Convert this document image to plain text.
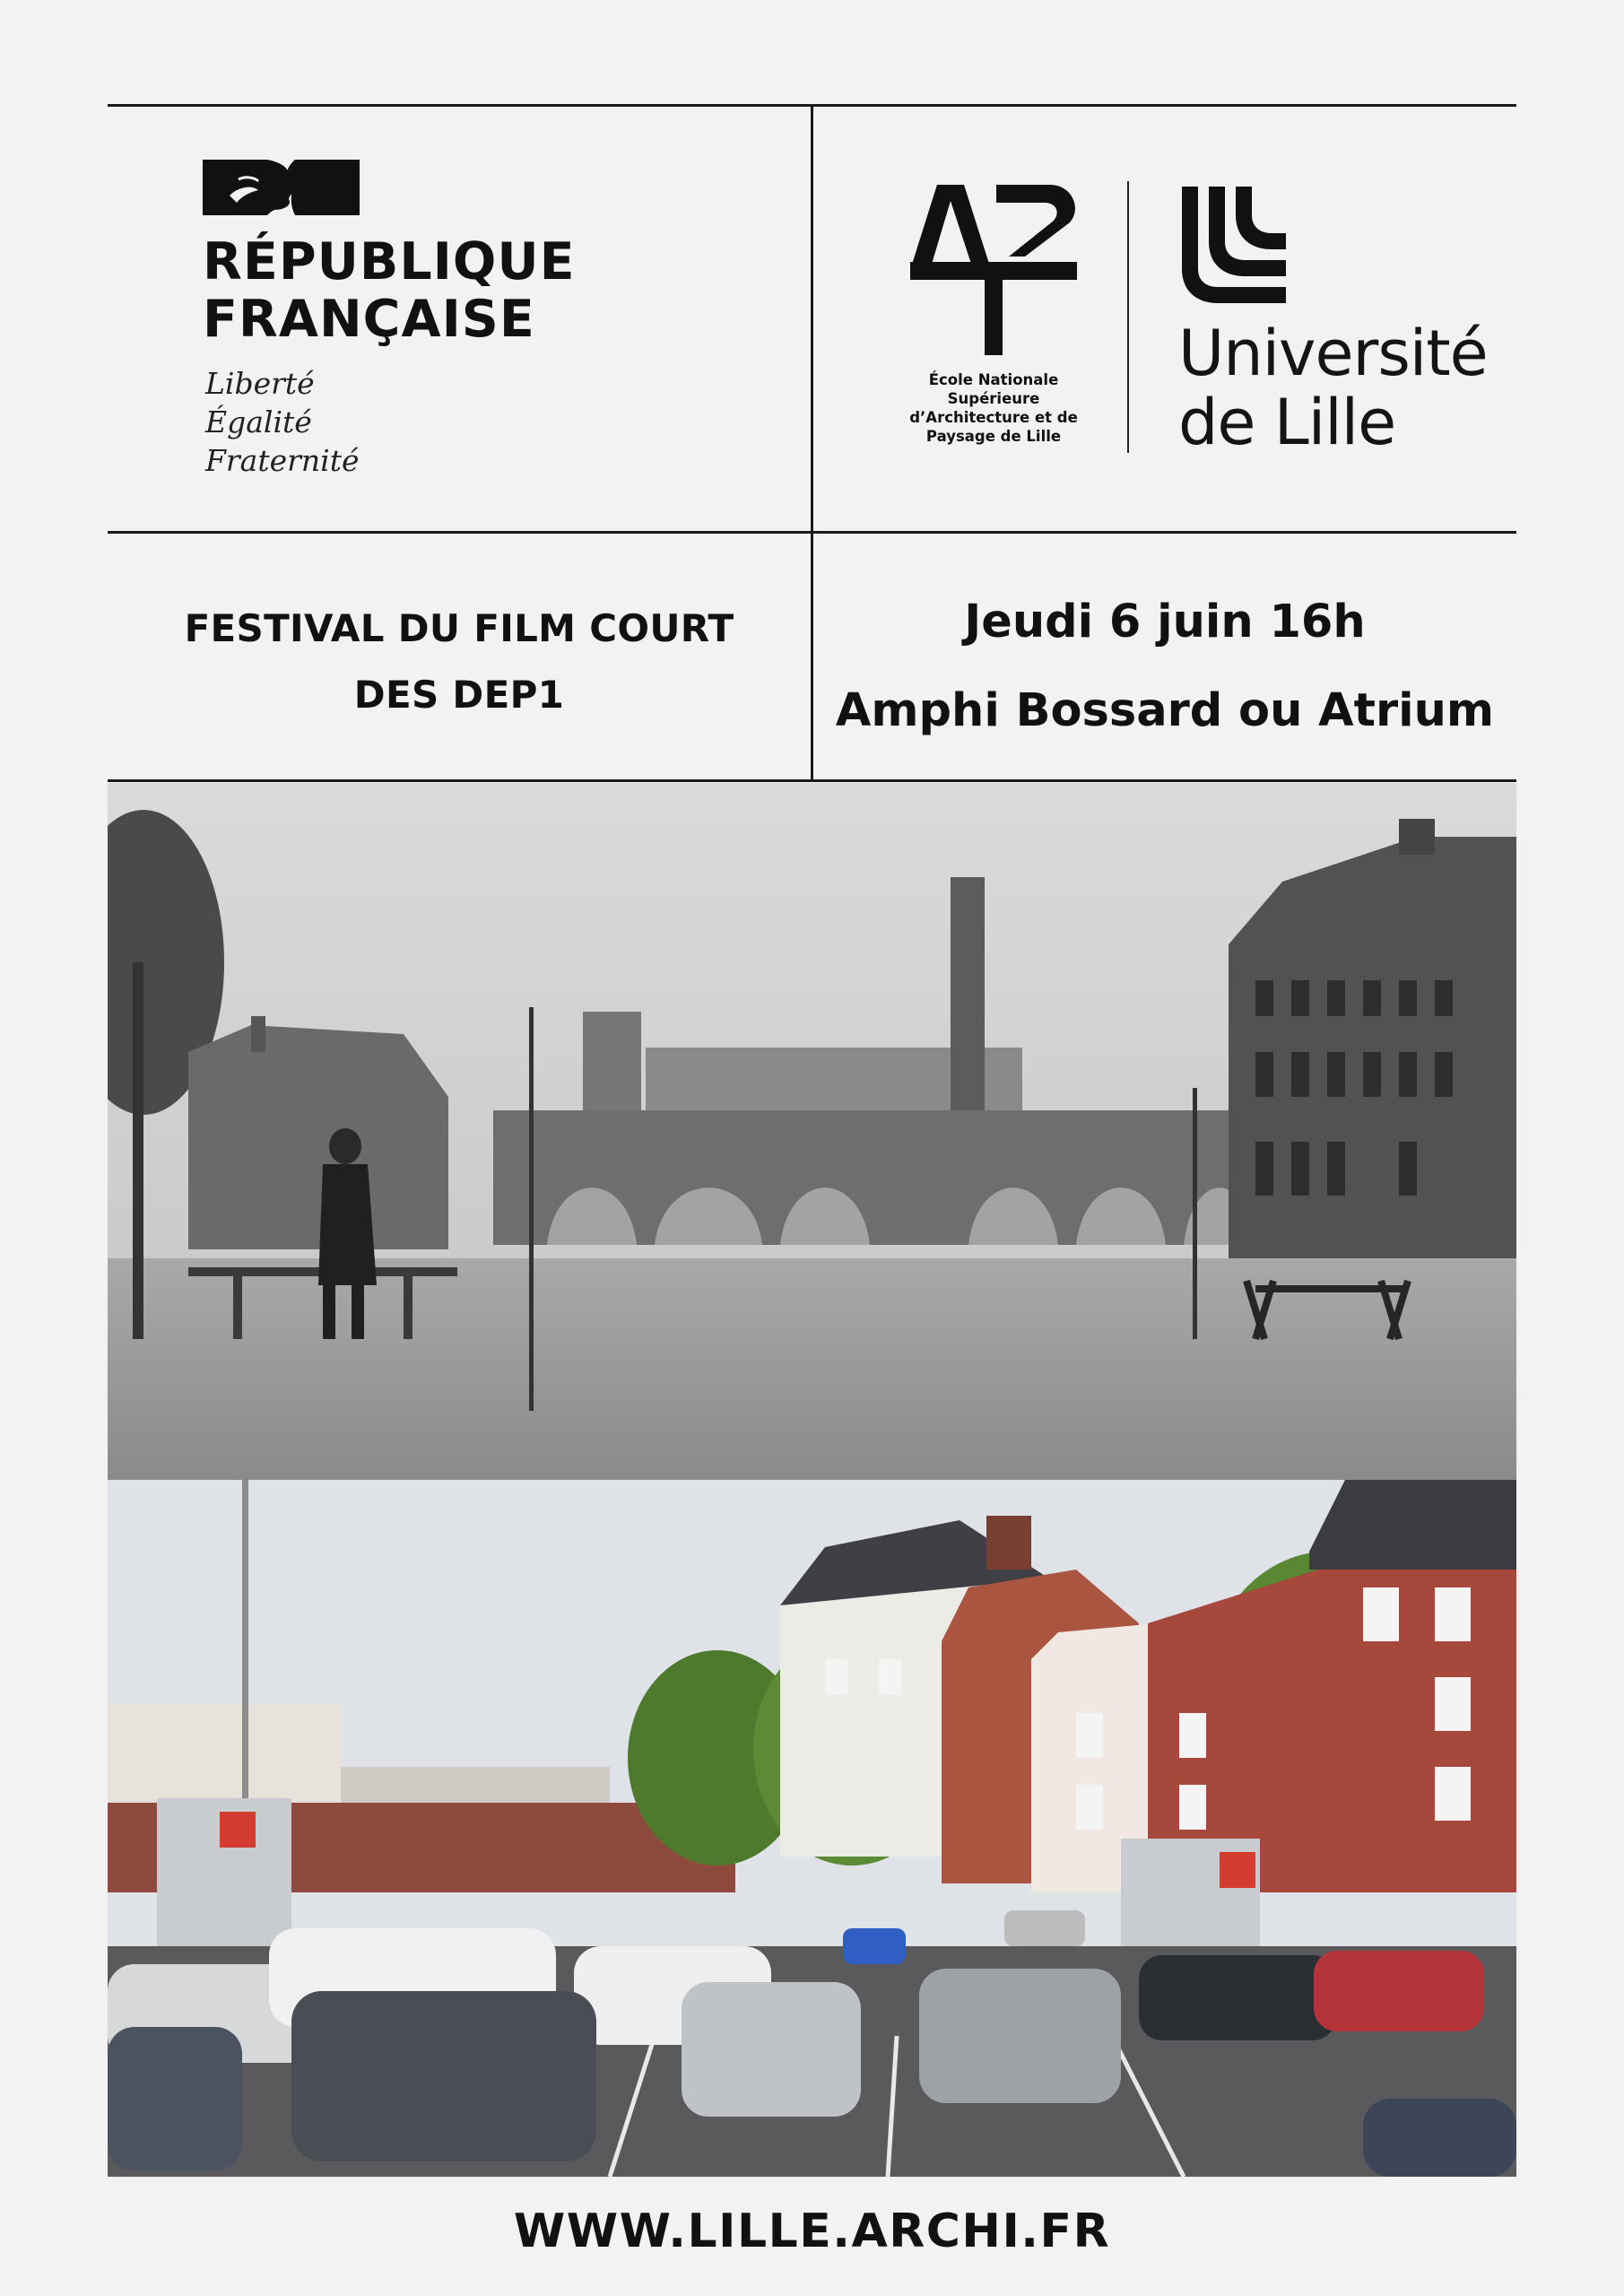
RÉPUBLIQUE
FRANÇAISE
Liberté
Égalité
Fraternité
École Nationale
Supérieure
d’Architecture et de
Paysage de Lille
Université
de Lille
FESTIVAL DU FILM COURT
DES DEP1
Jeudi 6 juin 16h
Amphi Bossard ou Atrium
WWW.LILLE.ARCHI.FR
